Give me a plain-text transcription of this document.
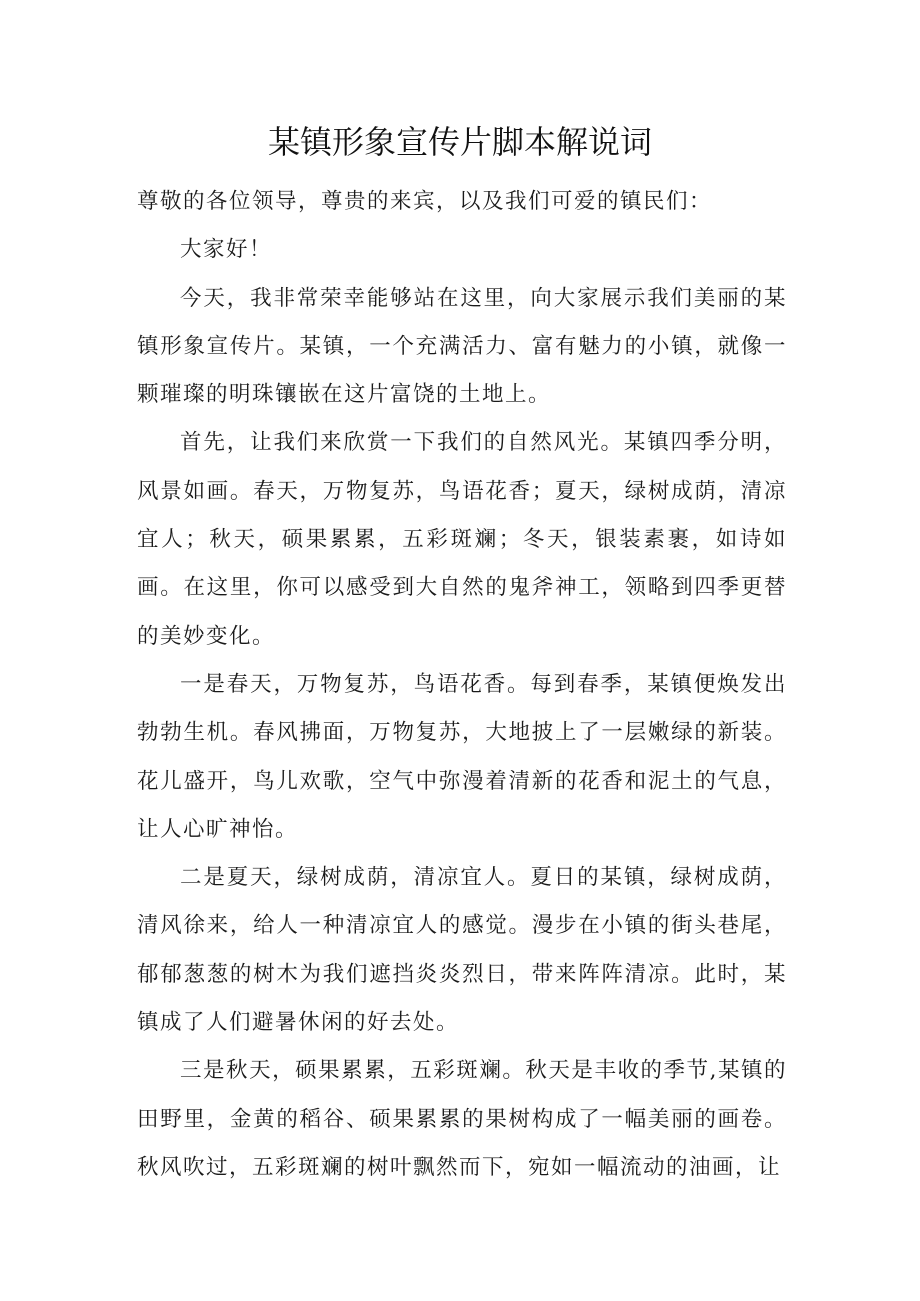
某镇形象宣传片脚本解说词

尊敬的各位领导，尊贵的来宾，以及我们可爱的镇民们：

大家好！

今天，我非常荣幸能够站在这里，向大家展示我们美丽的某镇形象宣传片。某镇，一个充满活力、富有魅力的小镇，就像一颗璀璨的明珠镶嵌在这片富饶的土地上。

首先，让我们来欣赏一下我们的自然风光。某镇四季分明，风景如画。春天，万物复苏，鸟语花香；夏天，绿树成荫，清凉宜人；秋天，硕果累累，五彩斑斓；冬天，银装素裹，如诗如画。在这里，你可以感受到大自然的鬼斧神工，领略到四季更替的美妙变化。

一是春天，万物复苏，鸟语花香。每到春季，某镇便焕发出勃勃生机。春风拂面，万物复苏，大地披上了一层嫩绿的新装。花儿盛开，鸟儿欢歌，空气中弥漫着清新的花香和泥土的气息，让人心旷神怡。

二是夏天，绿树成荫，清凉宜人。夏日的某镇，绿树成荫，清风徐来，给人一种清凉宜人的感觉。漫步在小镇的街头巷尾，郁郁葱葱的树木为我们遮挡炎炎烈日，带来阵阵清凉。此时，某镇成了人们避暑休闲的好去处。

三是秋天，硕果累累，五彩斑斓。秋天是丰收的季节,某镇的田野里，金黄的稻谷、硕果累累的果树构成了一幅美丽的画卷。秋风吹过，五彩斑斓的树叶飘然而下，宛如一幅流动的油画，让
